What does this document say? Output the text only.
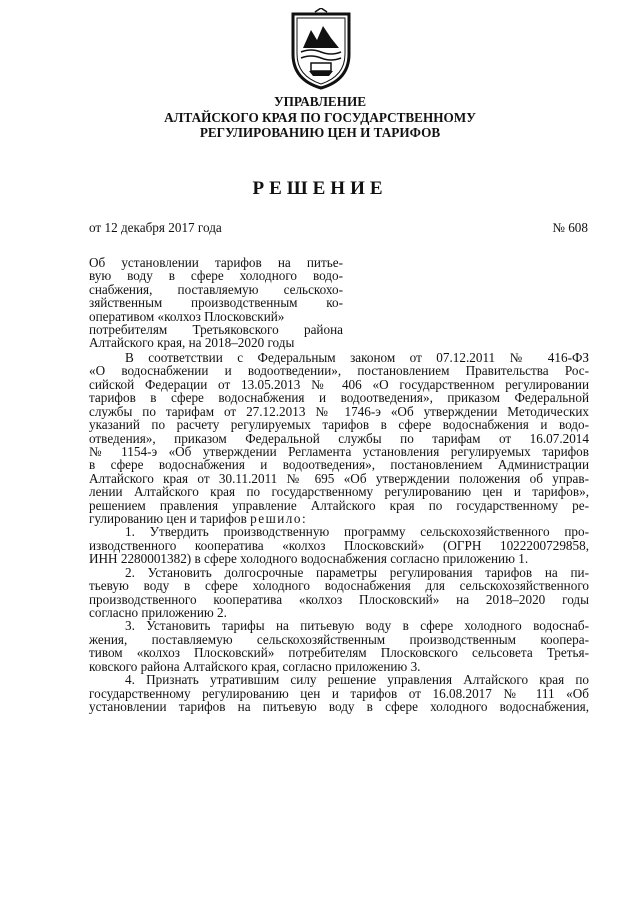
УПРАВЛЕНИЕ
АЛТАЙСКОГО КРАЯ ПО ГОСУДАРСТВЕННОМУ
РЕГУЛИРОВАНИЮ ЦЕН И ТАРИФОВ
РЕШЕНИЕ
от 12 декабря 2017 года	№ 608
Об установлении тарифов на питье-
вую воду в сфере холодного водо-
снабжения, поставляемую сельскохо-
зяйственным производственным ко-
оперативом «колхоз Плосковский»
потребителям Третьяковского района
Алтайского края, на 2018–2020 годы
В соответствии с Федеральным законом от 07.12.2011 № 416-ФЗ
«О водоснабжении и водоотведении», постановлением Правительства Рос-
сийской Федерации от 13.05.2013 № 406 «О государственном регулировании
тарифов в сфере водоснабжения и водоотведения», приказом Федеральной
службы по тарифам от 27.12.2013 № 1746-э «Об утверждении Методических
указаний по расчету регулируемых тарифов в сфере водоснабжения и водо-
отведения», приказом Федеральной службы по тарифам от 16.07.2014
№ 1154-э «Об утверждении Регламента установления регулируемых тарифов
в сфере водоснабжения и водоотведения», постановлением Администрации
Алтайского края от 30.11.2011 № 695 «Об утверждении положения об управ-
лении Алтайского края по государственному регулированию цен и тарифов»,
решением правления управление Алтайского края по государственному ре-
гулированию цен и тарифов решило:
1. Утвердить производственную программу сельскохозяйственного про-
изводственного кооператива «колхоз Плосковский» (ОГРН 1022200729858,
ИНН 2280001382) в сфере холодного водоснабжения согласно приложению 1.
2. Установить долгосрочные параметры регулирования тарифов на пи-
тьевую воду в сфере холодного водоснабжения для сельскохозяйственного
производственного кооператива «колхоз Плосковский» на 2018–2020 годы
согласно приложению 2.
3. Установить тарифы на питьевую воду в сфере холодного водоснаб-
жения, поставляемую сельскохозяйственным производственным коопера-
тивом «колхоз Плосковский» потребителям Плосковского сельсовета Третья-
ковского района Алтайского края, согласно приложению 3.
4. Признать утратившим силу решение управления Алтайского края по
государственному регулированию цен и тарифов от 16.08.2017 № 111 «Об
установлении тарифов на питьевую воду в сфере холодного водоснабжения,
